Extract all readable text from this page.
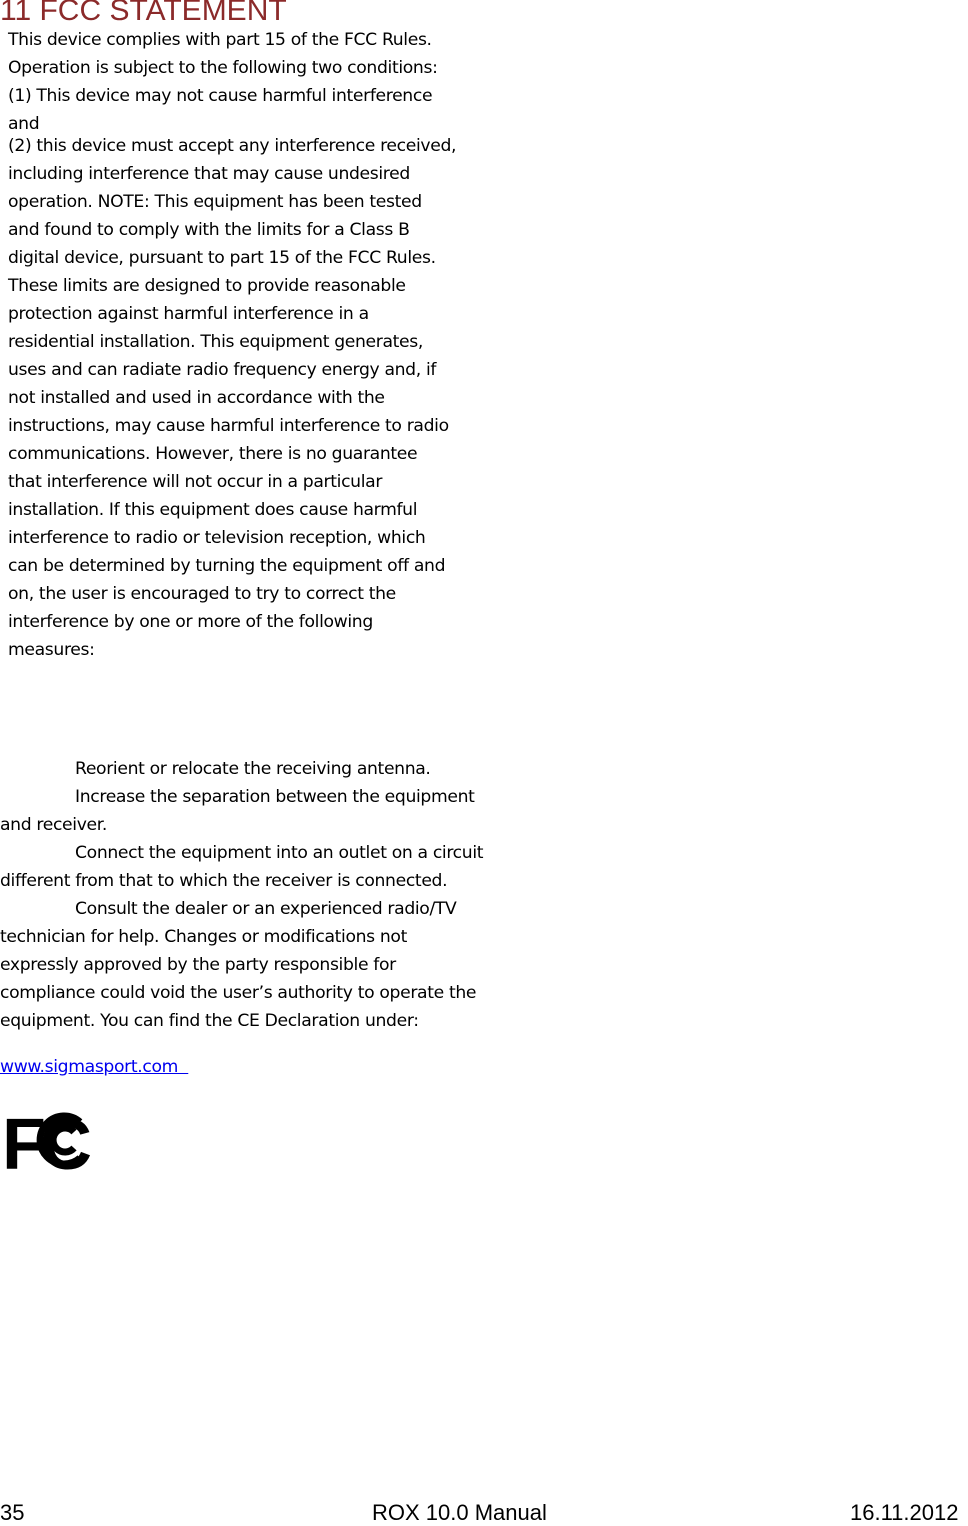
11 FCC STATEMENT
This device complies with part 15 of the FCC Rules.
Operation is subject to the following two conditions:
(1) This device may not cause harmful interference
and
(2) this device must accept any interference received,
including interference that may cause undesired
operation. NOTE: This equipment has been tested
and found to comply with the limits for a Class B
digital device, pursuant to part 15 of the FCC Rules.
These limits are designed to provide reasonable
protection against harmful interference in a
residential installation. This equipment generates,
uses and can radiate radio frequency energy and, if
not installed and used in accordance with the
instructions, may cause harmful interference to radio
communications. However, there is no guarantee
that interference will not occur in a particular
installation. If this equipment does cause harmful
interference to radio or television reception, which
can be determined by turning the equipment off and
on, the user is encouraged to try to correct the
interference by one or more of the following
measures:
Reorient or relocate the receiving antenna.
Increase the separation between the equipment
and receiver.
Connect the equipment into an outlet on a circuit
different from that to which the receiver is connected.
Consult the dealer or an experienced radio/TV
technician for help. Changes or modifications not
expressly approved by the party responsible for
compliance could void the user’s authority to operate the
equipment. You can find the CE Declaration under:
www.sigmasport.com
FC
35	ROX 10.0 Manual	16.11.2012
